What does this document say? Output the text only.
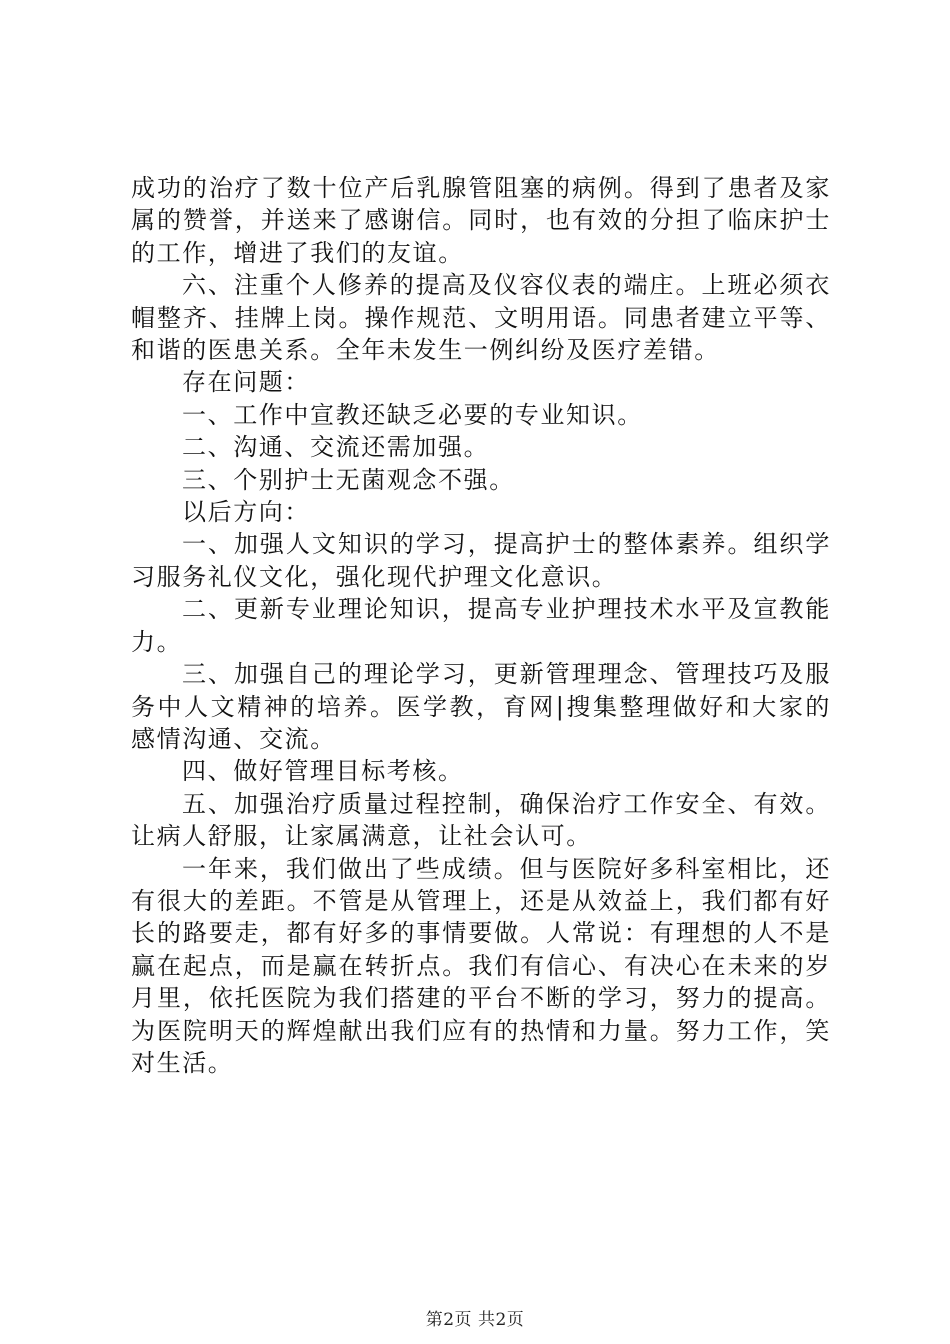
成功的治疗了数十位产后乳腺管阻塞的病例。得到了患者及家属的赞誉，并送来了感谢信。同时，也有效的分担了临床护士的工作，增进了我们的友谊。

六、注重个人修养的提高及仪容仪表的端庄。上班必须衣帽整齐、挂牌上岗。操作规范、文明用语。同患者建立平等、和谐的医患关系。全年未发生一例纠纷及医疗差错。

存在问题：

一、工作中宣教还缺乏必要的专业知识。

二、沟通、交流还需加强。

三、个别护士无菌观念不强。

以后方向：

一、加强人文知识的学习，提高护士的整体素养。组织学习服务礼仪文化，强化现代护理文化意识。

二、更新专业理论知识，提高专业护理技术水平及宣教能力。

三、加强自己的理论学习，更新管理理念、管理技巧及服务中人文精神的培养。医学教，育网|搜集整理做好和大家的感情沟通、交流。

四、做好管理目标考核。

五、加强治疗质量过程控制，确保治疗工作安全、有效。让病人舒服，让家属满意，让社会认可。

一年来，我们做出了些成绩。但与医院好多科室相比，还有很大的差距。不管是从管理上，还是从效益上，我们都有好长的路要走，都有好多的事情要做。人常说：有理想的人不是赢在起点，而是赢在转折点。我们有信心、有决心在未来的岁月里，依托医院为我们搭建的平台不断的学习，努力的提高。为医院明天的辉煌献出我们应有的热情和力量。努力工作，笑对生活。

第2页 共2页
